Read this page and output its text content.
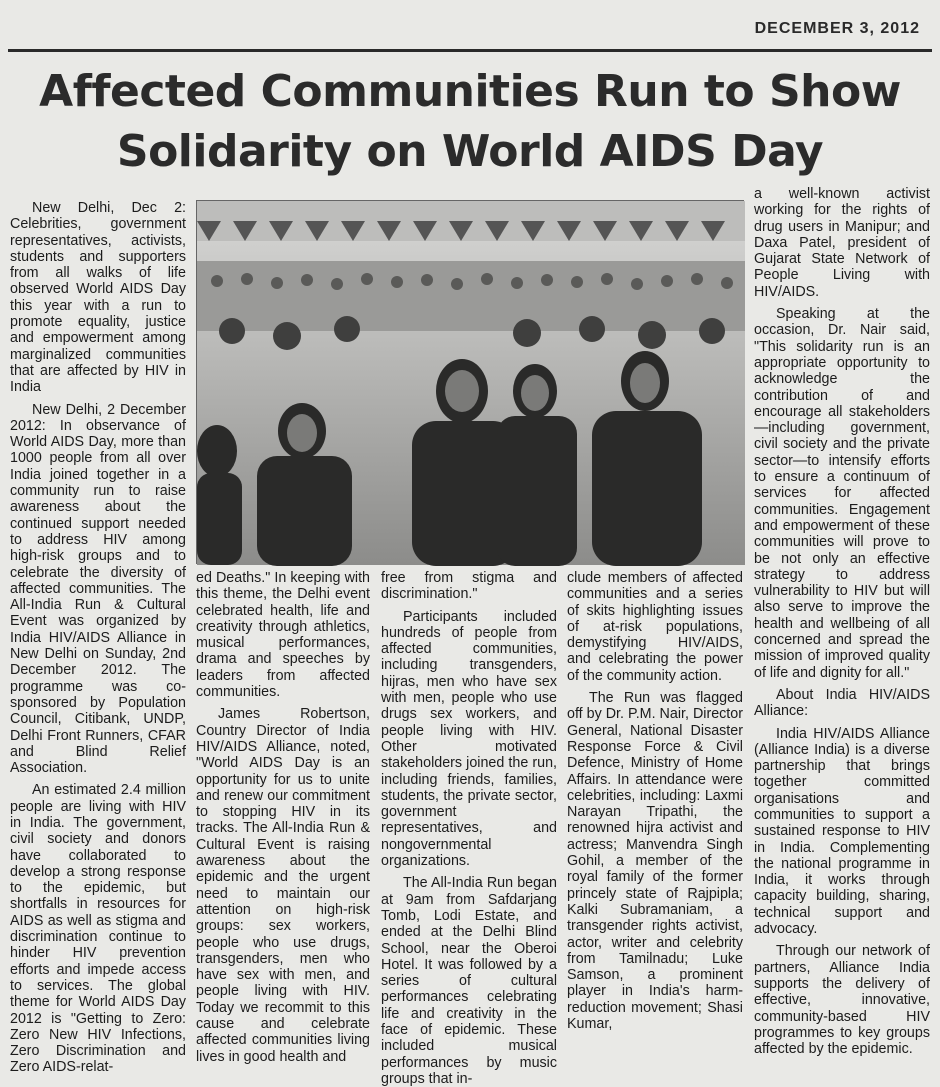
DECEMBER 3, 2012
Affected Communities Run to Show
Solidarity on World AIDS Day

New Delhi, Dec 2: Celebrities, government representatives, activists, students and supporters from all walks of life observed World AIDS Day this year with a run to promote equality, justice and empowerment among marginalized communities that are affected by HIV in India

New Delhi, 2 December 2012: In observance of World AIDS Day, more than 1000 people from all over India joined together in a community run to raise awareness about the continued support needed to address HIV among high-risk groups and to celebrate the diversity of affected communities. The All-India Run & Cultural Event was organized by India HIV/AIDS Alliance in New Delhi on Sunday, 2nd December 2012. The programme was co-sponsored by Population Council, Citibank, UNDP, Delhi Front Runners, CFAR and Blind Relief Association.

An estimated 2.4 million people are living with HIV in India. The government, civil society and donors have collaborated to develop a strong response to the epidemic, but shortfalls in resources for AIDS as well as stigma and discrimination continue to hinder HIV prevention efforts and impede access to services. The global theme for World AIDS Day 2012 is "Getting to Zero: Zero New HIV Infections, Zero Discrimination and Zero AIDS-relat-

ed Deaths." In keeping with this theme, the Delhi event celebrated health, life and creativity through athletics, musical performances, drama and speeches by leaders from affected communities.

James Robertson, Country Director of India HIV/AIDS Alliance, noted, "World AIDS Day is an opportunity for us to unite and renew our commitment to stopping HIV in its tracks. The All-India Run & Cultural Event is raising awareness about the epidemic and the urgent need to maintain our attention on high-risk groups: sex workers, people who use drugs, transgenders, men who have sex with men, and people living with HIV. Today we recommit to this cause and celebrate affected communities living lives in good health and

free from stigma and discrimination."

Participants included hundreds of people from affected communities, including transgenders, hijras, men who have sex with men, people who use drugs sex workers, and people living with HIV. Other motivated stakeholders joined the run, including friends, families, students, the private sector, government representatives, and nongovernmental organizations.

The All-India Run began at 9am from Safdarjang Tomb, Lodi Estate, and ended at the Delhi Blind School, near the Oberoi Hotel. It was followed by a series of cultural performances celebrating life and creativity in the face of epidemic. These included musical performances by music groups that in-

clude members of affected communities and a series of skits highlighting issues of at-risk populations, demystifying HIV/AIDS, and celebrating the power of the community action.

The Run was flagged off by Dr. P.M. Nair, Director General, National Disaster Response Force & Civil Defence, Ministry of Home Affairs. In attendance were celebrities, including: Laxmi Narayan Tripathi, the renowned hijra activist and actress; Manvendra Singh Gohil, a member of the royal family of the former princely state of Rajpipla; Kalki Subramaniam, a transgender rights activist, actor, writer and celebrity from Tamilnadu; Luke Samson, a prominent player in India's harm-reduction movement; Shasi Kumar,

a well-known activist working for the rights of drug users in Manipur; and Daxa Patel, president of Gujarat State Network of People Living with HIV/AIDS.

Speaking at the occasion, Dr. Nair said, "This solidarity run is an appropriate opportunity to acknowledge the contribution of and encourage all stakeholders—including government, civil society and the private sector—to intensify efforts to ensure a continuum of services for affected communities. Engagement and empowerment of these communities will prove to be not only an effective strategy to address vulnerability to HIV but will also serve to improve the health and wellbeing of all concerned and spread the mission of improved quality of life and dignity for all."

About India HIV/AIDS Alliance:

India HIV/AIDS Alliance (Alliance India) is a diverse partnership that brings together committed organisations and communities to support a sustained response to HIV in India. Complementing the national programme in India, it works through capacity building, sharing, technical support and advocacy.

Through our network of partners, Alliance India supports the delivery of effective, innovative, community-based HIV programmes to key groups affected by the epidemic.
